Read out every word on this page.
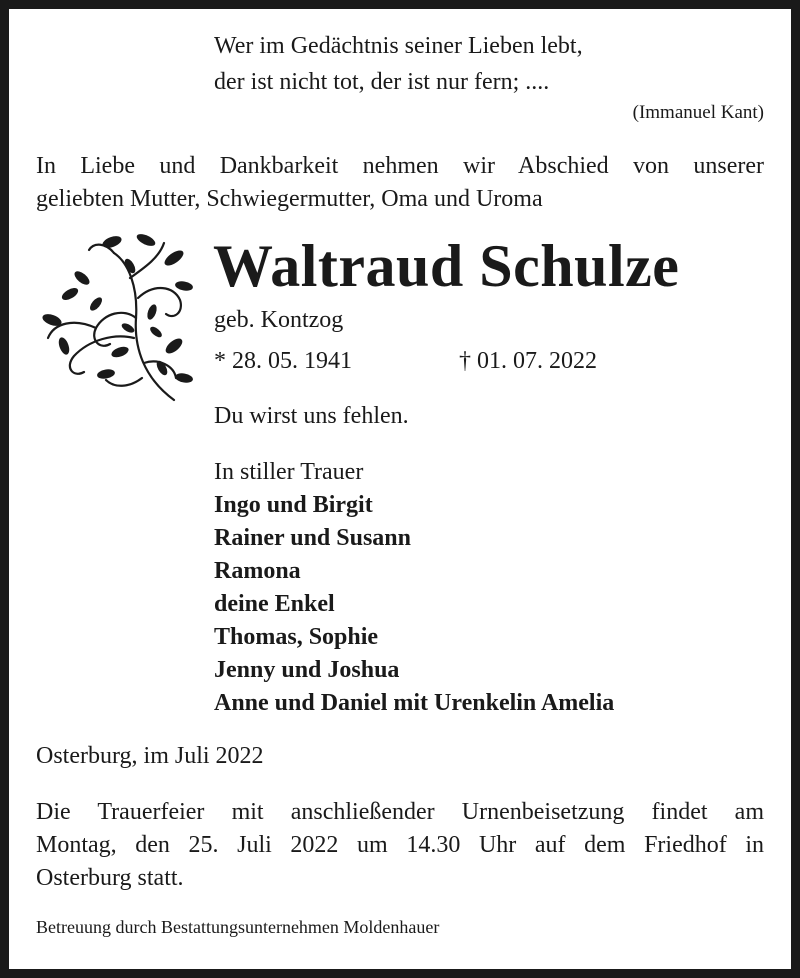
Wer im Gedächtnis seiner Lieben lebt,
der ist nicht tot, der ist nur fern; ....
(Immanuel Kant)
In Liebe und Dankbarkeit nehmen wir Abschied von unserer
geliebten Mutter, Schwiegermutter, Oma und Uroma
Waltraud Schulze
geb. Kontzog
* 28. 05. 1941	† 01. 07. 2022
Du wirst uns fehlen.
In stiller Trauer
Ingo und Birgit
Rainer und Susann
Ramona
deine Enkel
Thomas, Sophie
Jenny und Joshua
Anne und Daniel mit Urenkelin Amelia
Osterburg, im Juli 2022
Die Trauerfeier mit anschließender Urnenbeisetzung findet am
Montag, den 25. Juli 2022 um 14.30 Uhr auf dem Friedhof in
Osterburg statt.
Betreuung durch Bestattungsunternehmen Moldenhauer
